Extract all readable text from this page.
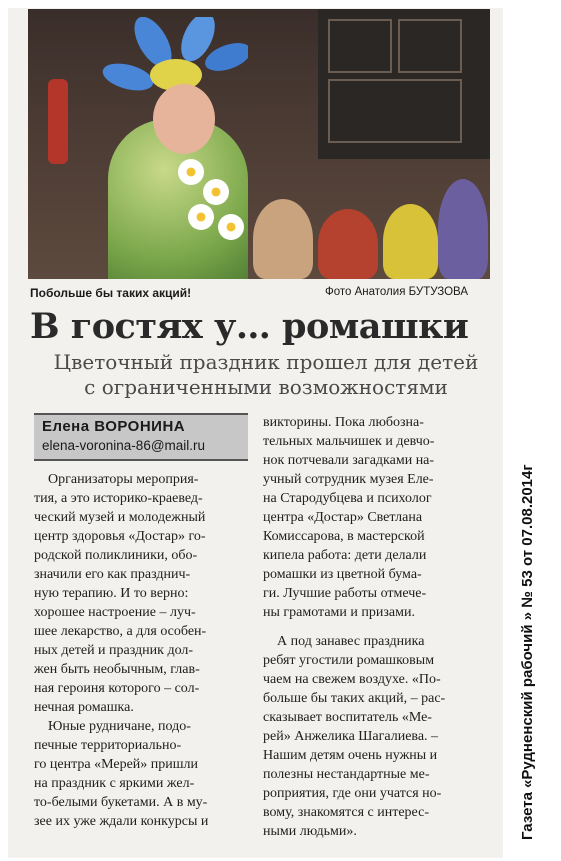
Побольше бы таких акций!	Фото Анатолия БУТУЗОВА
В гостях у… ромашки
Цветочный праздник прошел для детей
с ограниченными возможностями
Елена ВОРОНИНА
elena-voronina-86@mail.ru
Организаторы мероприя-
тия, а это историко-краевед-
ческий музей и молодежный
центр здоровья «Достар» го-
родской поликлиники, обо-
значили его как празднич-
ную терапию. И то верно:
хорошее настроение – луч-
шее лекарство, а для особен-
ных детей и праздник дол-
жен быть необычным, глав-
ная героиня которого – сол-
нечная ромашка.
Юные рудничане, подо-
печные территориально-
го центра «Мерей» пришли
на праздник с яркими жел-
то-белыми букетами. А в му-
зее их уже ждали конкурсы и
викторины. Пока любозна-
тельных мальчишек и девчо-
нок потчевали загадками на-
учный сотрудник музея Еле-
на Стародубцева и психолог
центра «Достар» Светлана
Комиссарова, в мастерской
кипела работа: дети делали
ромашки из цветной бума-
ги. Лучшие работы отмече-
ны грамотами и призами.
А под занавес праздника
ребят угостили ромашковым
чаем на свежем воздухе. «По-
больше бы таких акций, – рас-
сказывает воспитатель «Ме-
рей» Анжелика Шагалиева. –
Нашим детям очень нужны и
полезны нестандартные ме-
роприятия, где они учатся но-
вому, знакомятся с интерес-
ными людьми».	Газета «Рудненский рабочий » № 53 от 07.08.2014г
